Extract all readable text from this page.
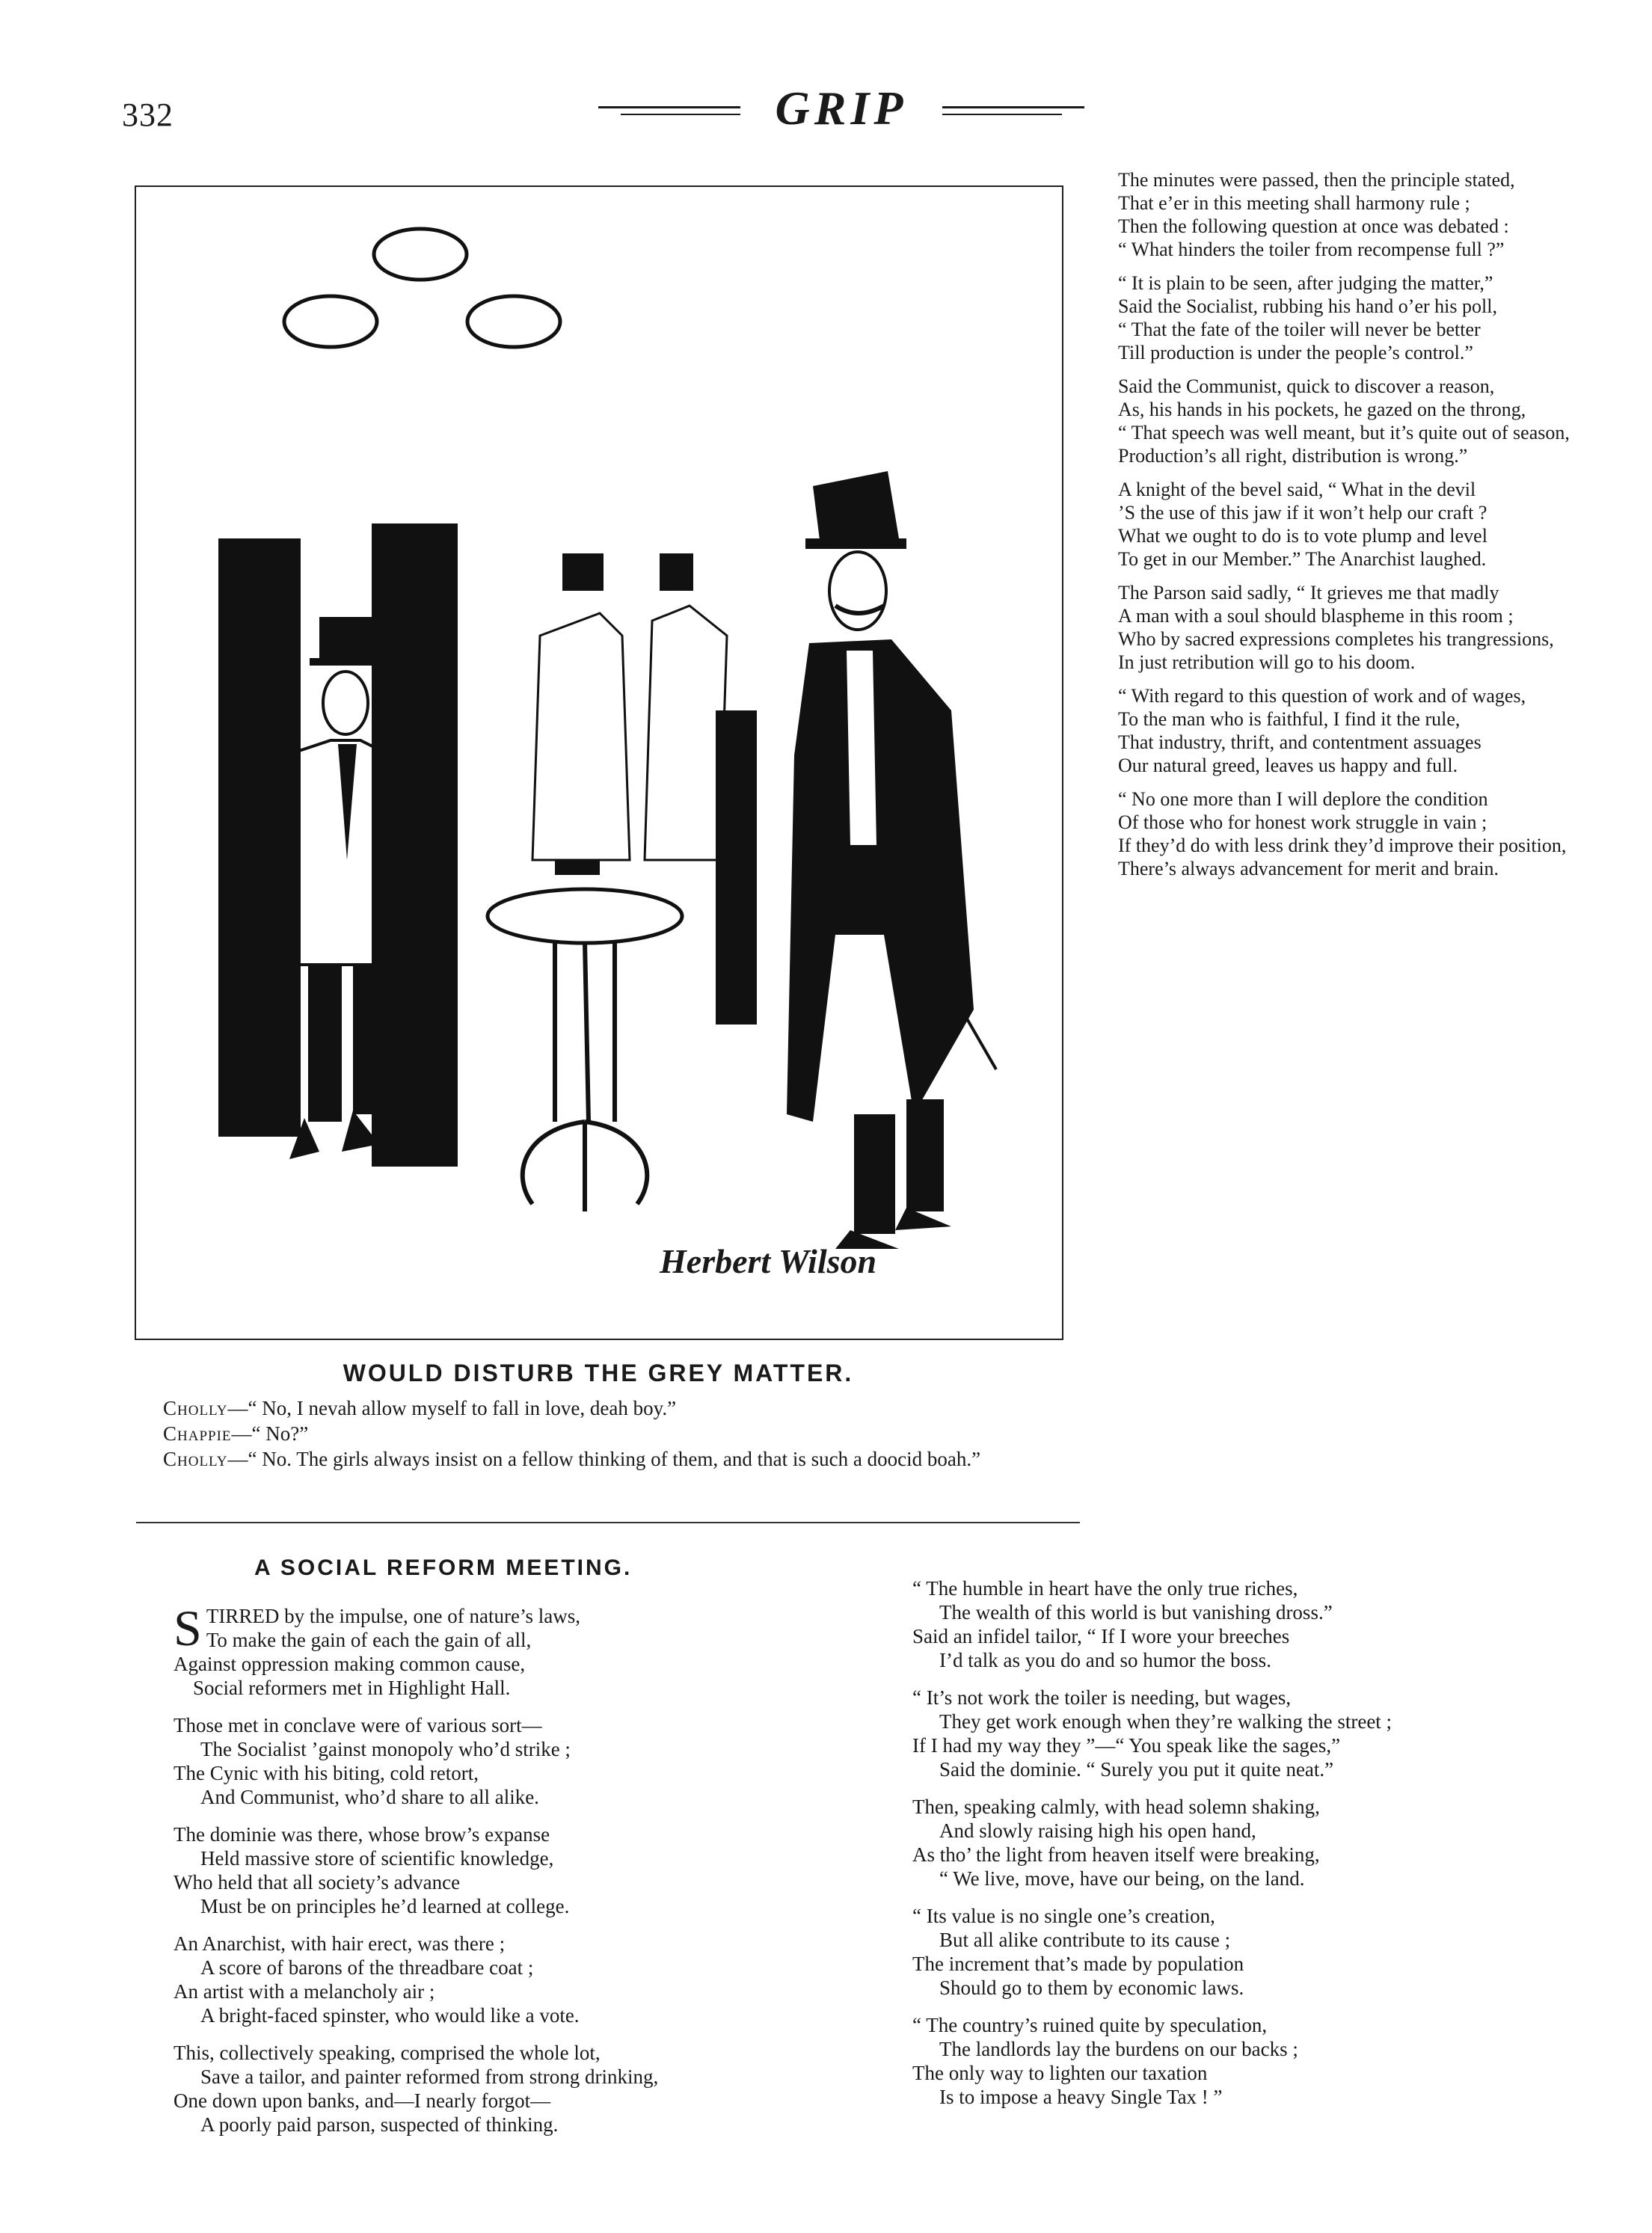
332	GRIP
Herbert Wilson
WOULD DISTURB THE GREY MATTER.
Cholly—“ No, I nevah allow myself to fall in love, deah boy.”
Chappie—“ No?”
Cholly—“ No. The girls always insist on a fellow thinking of them, and that is such a doocid boah.”
A SOCIAL REFORM MEETING.
S TIRRED by the impulse, one of nature’s laws,
To make the gain of each the gain of all,
Against oppression making common cause,
Social reformers met in Highlight Hall.
Those met in conclave were of various sort—
The Socialist ’gainst monopoly who’d strike ;
The Cynic with his biting, cold retort,
And Communist, who’d share to all alike.
The dominie was there, whose brow’s expanse
Held massive store of scientific knowledge,
Who held that all society’s advance
Must be on principles he’d learned at college.
An Anarchist, with hair erect, was there ;
A score of barons of the threadbare coat ;
An artist with a melancholy air ;
A bright-faced spinster, who would like a vote.
This, collectively speaking, comprised the whole lot,
Save a tailor, and painter reformed from strong drinking,
One down upon banks, and—I nearly forgot—
A poorly paid parson, suspected of thinking.
The minutes were passed, then the principle stated,
That e’er in this meeting shall harmony rule ;
Then the following question at once was debated :
“ What hinders the toiler from recompense full ?”
“ It is plain to be seen, after judging the matter,”
Said the Socialist, rubbing his hand o’er his poll,
“ That the fate of the toiler will never be better
Till production is under the people’s control.”
Said the Communist, quick to discover a reason,
As, his hands in his pockets, he gazed on the throng,
“ That speech was well meant, but it’s quite out of season,
Production’s all right, distribution is wrong.”
A knight of the bevel said, “ What in the devil
’S the use of this jaw if it won’t help our craft ?
What we ought to do is to vote plump and level
To get in our Member.” The Anarchist laughed.
The Parson said sadly, “ It grieves me that madly
A man with a soul should blaspheme in this room ;
Who by sacred expressions completes his trangressions,
In just retribution will go to his doom.
“ With regard to this question of work and of wages,
To the man who is faithful, I find it the rule,
That industry, thrift, and contentment assuages
Our natural greed, leaves us happy and full.
“ No one more than I will deplore the condition
Of those who for honest work struggle in vain ;
If they’d do with less drink they’d improve their position,
There’s always advancement for merit and brain.
“ The humble in heart have the only true riches,
The wealth of this world is but vanishing dross.”
Said an infidel tailor, “ If I wore your breeches
I’d talk as you do and so humor the boss.
“ It’s not work the toiler is needing, but wages,
They get work enough when they’re walking the street ;
If I had my way they ”—“ You speak like the sages,”
Said the dominie. “ Surely you put it quite neat.”
Then, speaking calmly, with head solemn shaking,
And slowly raising high his open hand,
As tho’ the light from heaven itself were breaking,
“ We live, move, have our being, on the land.
“ Its value is no single one’s creation,
But all alike contribute to its cause ;
The increment that’s made by population
Should go to them by economic laws.
“ The country’s ruined quite by speculation,
The landlords lay the burdens on our backs ;
The only way to lighten our taxation
Is to impose a heavy Single Tax ! ”
